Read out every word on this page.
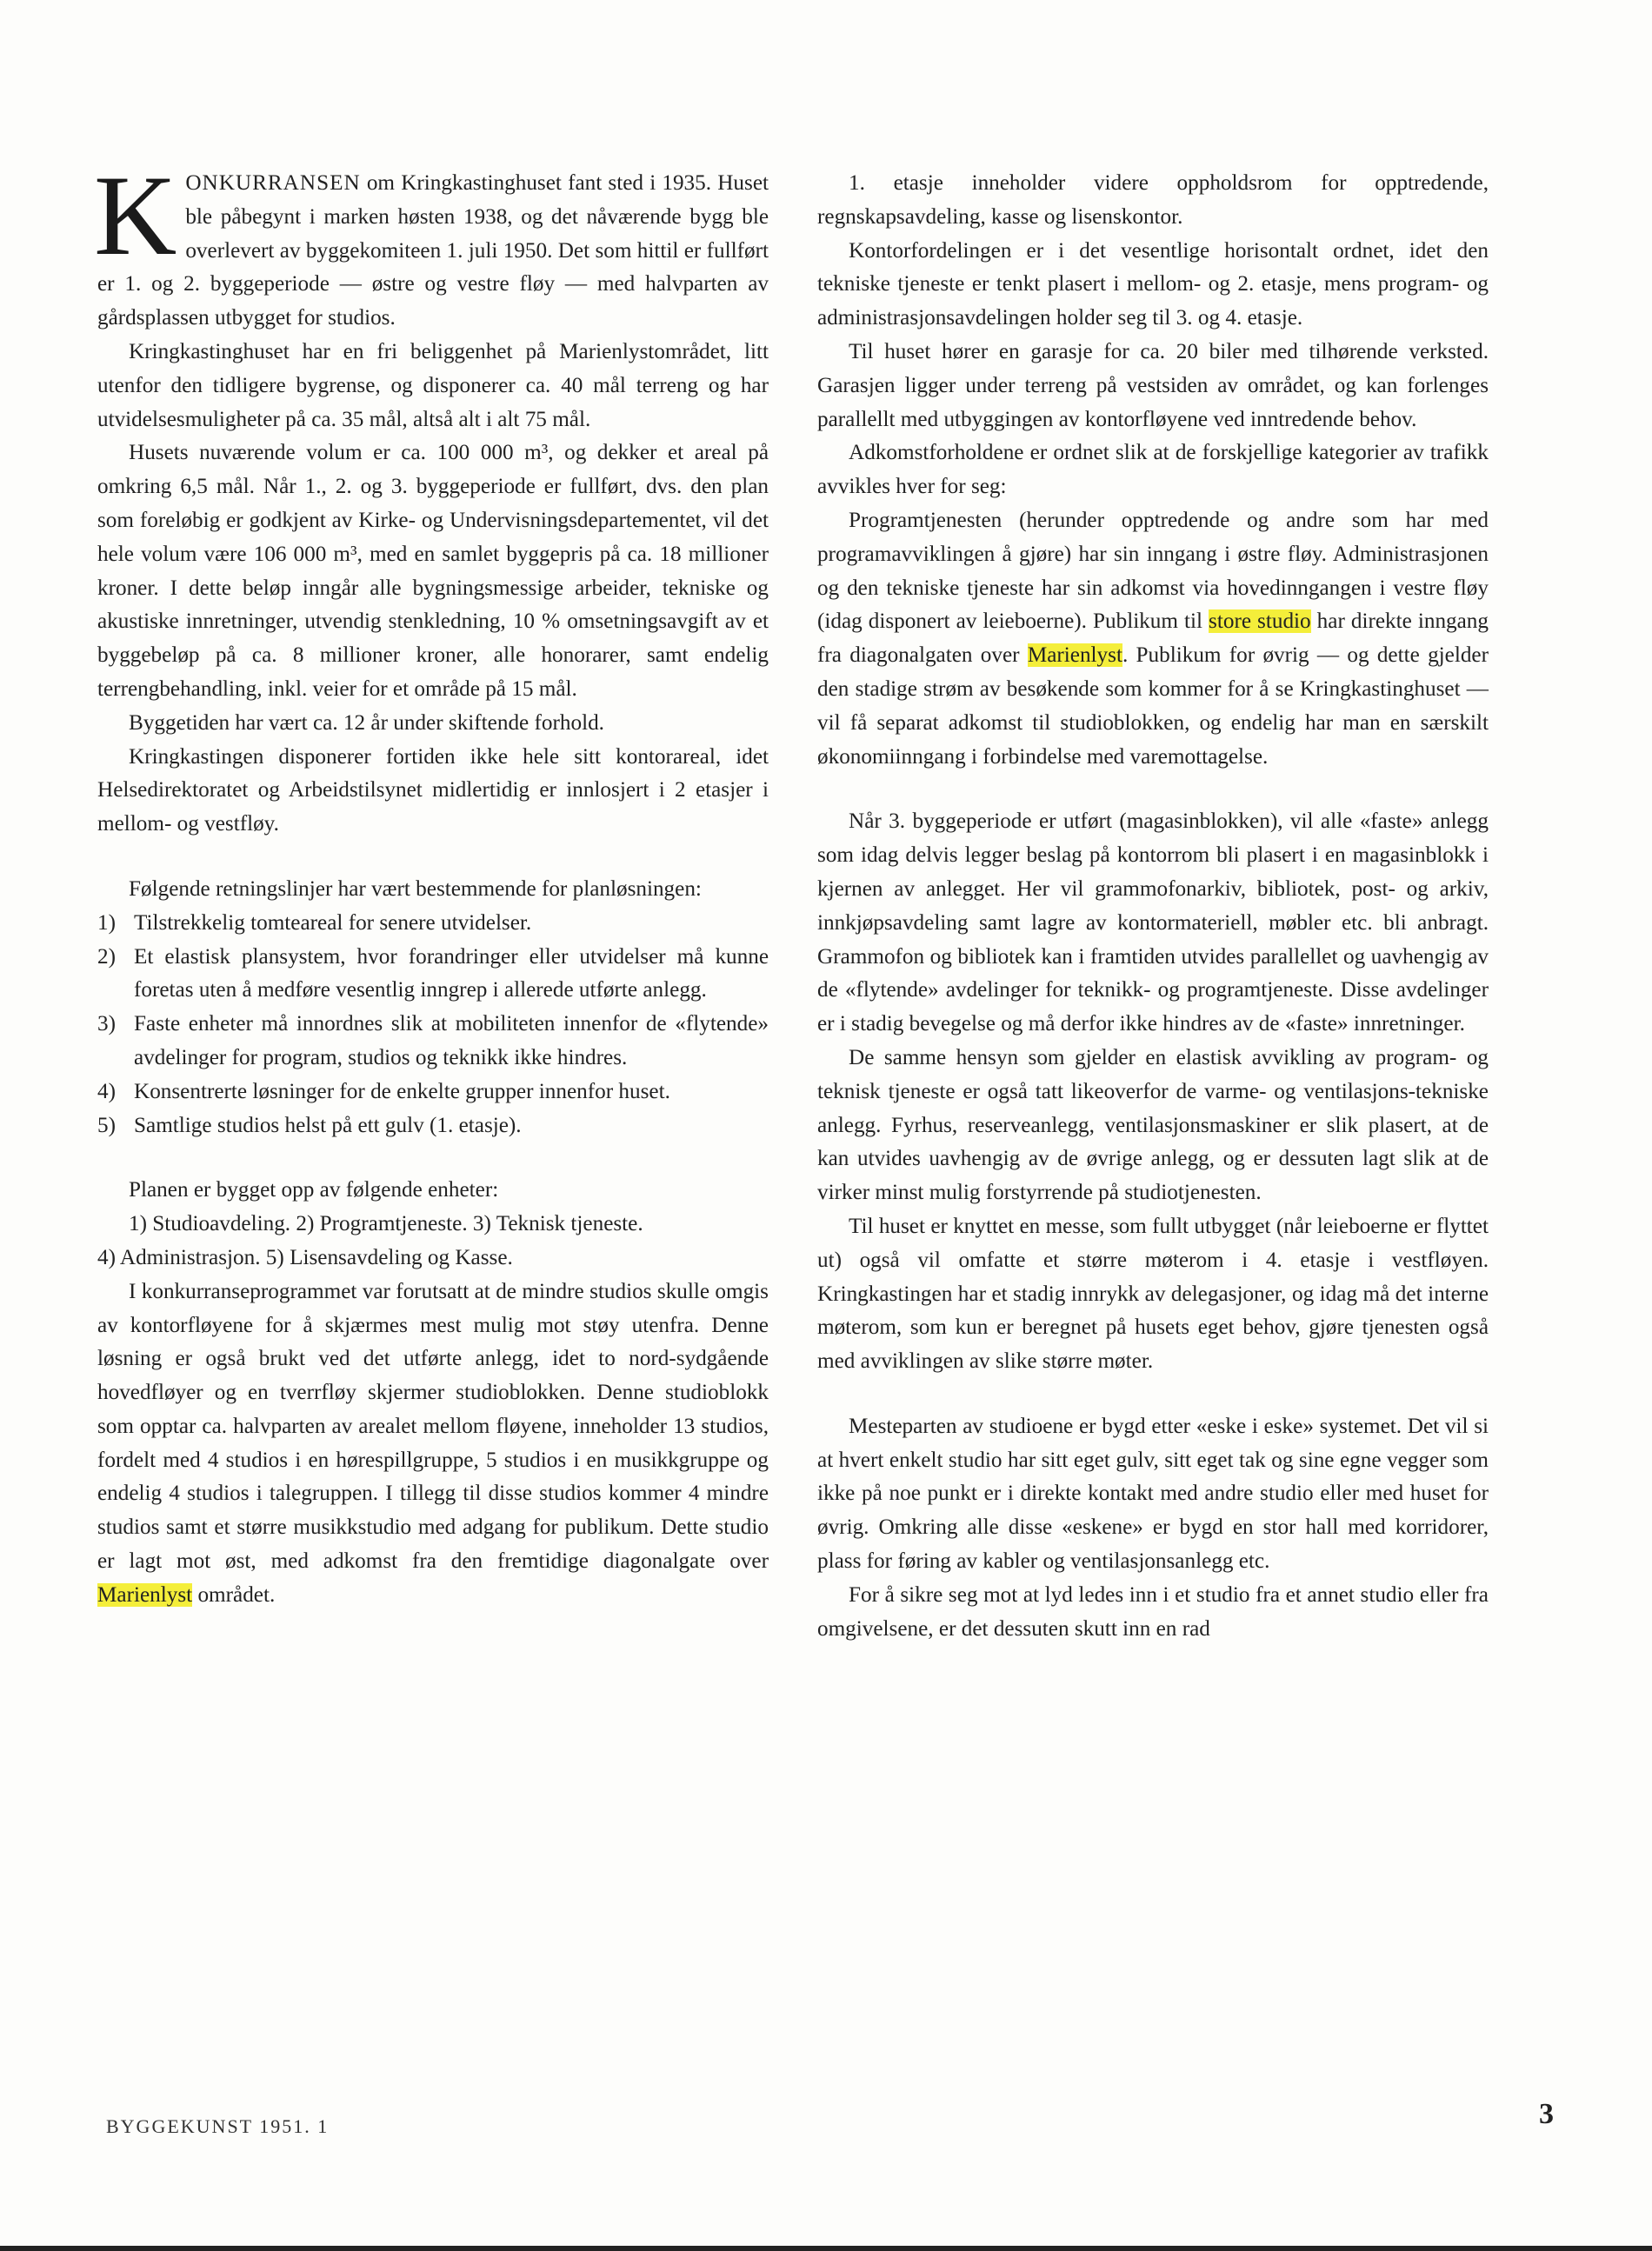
KONKURRANSEN om Kringkastinghuset fant sted i 1935. Huset ble påbegynt i marken høsten 1938, og det nåværende bygg ble overlevert av byggekomiteen 1. juli 1950. Det som hittil er fullført er 1. og 2. byggeperiode — østre og vestre fløy — med halvparten av gårdsplassen utbygget for studios.

Kringkastinghuset har en fri beliggenhet på Marienlystområdet, litt utenfor den tidligere bygrense, og disponerer ca. 40 mål terreng og har utvidelsesmuligheter på ca. 35 mål, altså alt i alt 75 mål.

Husets nuværende volum er ca. 100 000 m³, og dekker et areal på omkring 6,5 mål. Når 1., 2. og 3. byggeperiode er fullført, dvs. den plan som foreløbig er godkjent av Kirke- og Undervisningsdepartementet, vil det hele volum være 106 000 m³, med en samlet byggepris på ca. 18 millioner kroner. I dette beløp inngår alle bygningsmessige arbeider, tekniske og akustiske innretninger, utvendig stenkledning, 10 % omsetningsavgift av et byggebeløp på ca. 8 millioner kroner, alle honorarer, samt endelig terrengbehandling, inkl. veier for et område på 15 mål.

Byggetiden har vært ca. 12 år under skiftende forhold.

Kringkastingen disponerer fortiden ikke hele sitt kontorareal, idet Helsedirektoratet og Arbeidstilsynet midlertidig er innlosjert i 2 etasjer i mellom- og vestfløy.

Følgende retningslinjer har vært bestemmende for planløsningen:

1) Tilstrekkelig tomteareal for senere utvidelser.
2) Et elastisk plansystem, hvor forandringer eller utvidelser må kunne foretas uten å medføre vesentlig inngrep i allerede utførte anlegg.
3) Faste enheter må innordnes slik at mobiliteten innenfor de «flytende» avdelinger for program, studios og teknikk ikke hindres.
4) Konsentrerte løsninger for de enkelte grupper innenfor huset.
5) Samtlige studios helst på ett gulv (1. etasje).

Planen er bygget opp av følgende enheter:

1) Studioavdeling. 2) Programtjeneste. 3) Teknisk tjeneste.

4) Administrasjon. 5) Lisensavdeling og Kasse.

I konkurranseprogrammet var forutsatt at de mindre studios skulle omgis av kontorfløyene for å skjærmes mest mulig mot støy utenfra. Denne løsning er også brukt ved det utførte anlegg, idet to nord-sydgående hovedfløyer og en tverrfløy skjermer studioblokken. Denne studioblokk som opptar ca. halvparten av arealet mellom fløyene, inneholder 13 studios, fordelt med 4 studios i en hørespillgruppe, 5 studios i en musikkgruppe og endelig 4 studios i talegruppen. I tillegg til disse studios kommer 4 mindre studios samt et større musikkstudio med adgang for publikum. Dette studio er lagt mot øst, med adkomst fra den fremtidige diagonalgate over Marienlyst området.

1. etasje inneholder videre oppholdsrom for opptredende, regnskapsavdeling, kasse og lisenskontor.

Kontorfordelingen er i det vesentlige horisontalt ordnet, idet den tekniske tjeneste er tenkt plasert i mellom- og 2. etasje, mens program- og administrasjonsavdelingen holder seg til 3. og 4. etasje.

Til huset hører en garasje for ca. 20 biler med tilhørende verksted. Garasjen ligger under terreng på vestsiden av området, og kan forlenges parallellt med utbyggingen av kontorfløyene ved inntredende behov.

Adkomstforholdene er ordnet slik at de forskjellige kategorier av trafikk avvikles hver for seg:

Programtjenesten (herunder opptredende og andre som har med programavviklingen å gjøre) har sin inngang i østre fløy. Administrasjonen og den tekniske tjeneste har sin adkomst via hovedinngangen i vestre fløy (idag disponert av leieboerne). Publikum til store studio har direkte inngang fra diagonalgaten over Marienlyst. Publikum for øvrig — og dette gjelder den stadige strøm av besøkende som kommer for å se Kringkastinghuset — vil få separat adkomst til studioblokken, og endelig har man en særskilt økonomiinngang i forbindelse med varemottagelse.

Når 3. byggeperiode er utført (magasinblokken), vil alle «faste» anlegg som idag delvis legger beslag på kontorrom bli plasert i en magasinblokk i kjernen av anlegget. Her vil grammofonarkiv, bibliotek, post- og arkiv, innkjøpsavdeling samt lagre av kontormateriell, møbler etc. bli anbragt. Grammofon og bibliotek kan i framtiden utvides parallellet og uavhengig av de «flytende» avdelinger for teknikk- og programtjeneste. Disse avdelinger er i stadig bevegelse og må derfor ikke hindres av de «faste» innretninger.

De samme hensyn som gjelder en elastisk avvikling av program- og teknisk tjeneste er også tatt likeoverfor de varme- og ventilasjons-tekniske anlegg. Fyrhus, reserveanlegg, ventilasjonsmaskiner er slik plasert, at de kan utvides uavhengig av de øvrige anlegg, og er dessuten lagt slik at de virker minst mulig forstyrrende på studiotjenesten.

Til huset er knyttet en messe, som fullt utbygget (når leieboerne er flyttet ut) også vil omfatte et større møterom i 4. etasje i vestfløyen. Kringkastingen har et stadig innrykk av delegasjoner, og idag må det interne møterom, som kun er beregnet på husets eget behov, gjøre tjenesten også med avviklingen av slike større møter.

Mesteparten av studioene er bygd etter «eske i eske» systemet. Det vil si at hvert enkelt studio har sitt eget gulv, sitt eget tak og sine egne vegger som ikke på noe punkt er i direkte kontakt med andre studio eller med huset for øvrig. Omkring alle disse «eskene» er bygd en stor hall med korridorer, plass for føring av kabler og ventilasjonsanlegg etc.

For å sikre seg mot at lyd ledes inn i et studio fra et annet studio eller fra omgivelsene, er det dessuten skutt inn en rad

BYGGEKUNST 1951. 1	3
